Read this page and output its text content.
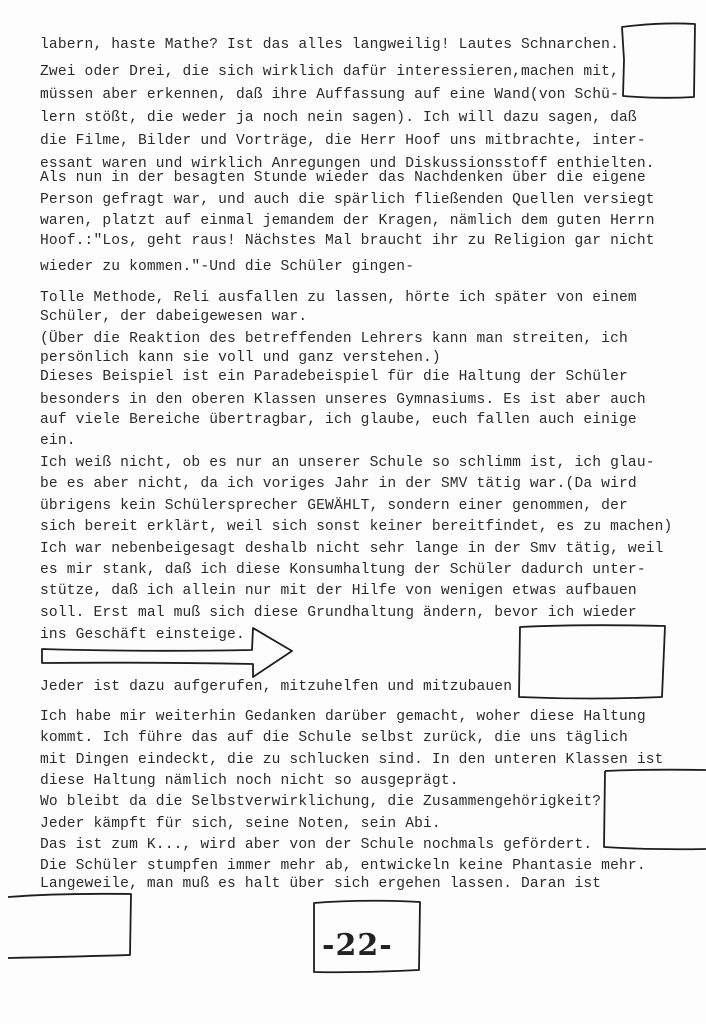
labern, haste Mathe? Ist das alles langweilig! Lautes Schnarchen.
Zwei oder Drei, die sich wirklich dafür interessieren,machen mit,
müssen aber erkennen, daß ihre Auffassung auf eine Wand(von Schü-
lern stößt, die weder ja noch nein sagen). Ich will dazu sagen, daß
die Filme, Bilder und Vorträge, die Herr Hoof uns mitbrachte, inter-
essant waren und wirklich Anregungen und Diskussionsstoff enthielten.
Als nun in der besagten Stunde wieder das Nachdenken über die eigene
Person gefragt war, und auch die spärlich fließenden Quellen versiegt
waren, platzt auf einmal jemandem der Kragen, nämlich dem guten Herrn
Hoof.:"Los, geht raus! Nächstes Mal braucht ihr zu Religion gar nicht
wieder zu kommen."-Und die Schüler gingen-
Tolle Methode, Reli ausfallen zu lassen, hörte ich später von einem
Schüler, der dabeigewesen war.
(Über die Reaktion des betreffenden Lehrers kann man streiten, ich
persönlich kann sie voll und ganz verstehen.)
Dieses Beispiel ist ein Paradebeispiel für die Haltung der Schüler
besonders in den oberen Klassen unseres Gymnasiums. Es ist aber auch
auf viele Bereiche übertragbar, ich glaube, euch fallen auch einige
ein.
Ich weiß nicht, ob es nur an unserer Schule so schlimm ist, ich glau-
be es aber nicht, da ich voriges Jahr in der SMV tätig war.(Da wird
übrigens kein Schülersprecher GEWÄHLT, sondern einer genommen, der
sich bereit erklärt, weil sich sonst keiner bereitfindet, es zu machen)
Ich war nebenbeigesagt deshalb nicht sehr lange in der Smv tätig, weil
es mir stank, daß ich diese Konsumhaltung der Schüler dadurch unter-
stütze, daß ich allein nur mit der Hilfe von wenigen etwas aufbauen
soll. Erst mal muß sich diese Grundhaltung ändern, bevor ich wieder
ins Geschäft einsteige.
Jeder ist dazu aufgerufen, mitzuhelfen und mitzubauen
Ich habe mir weiterhin Gedanken darüber gemacht, woher diese Haltung
kommt. Ich führe das auf die Schule selbst zurück, die uns täglich
mit Dingen eindeckt, die zu schlucken sind. In den unteren Klassen ist
diese Haltung nämlich noch nicht so ausgeprägt.
Wo bleibt da die Selbstverwirklichung, die Zusammengehörigkeit?
Jeder kämpft für sich, seine Noten, sein Abi.
Das ist zum K..., wird aber von der Schule nochmals gefördert.
Die Schüler stumpfen immer mehr ab, entwickeln keine Phantasie mehr.
Langeweile, man muß es halt über sich ergehen lassen. Daran ist
-22-
